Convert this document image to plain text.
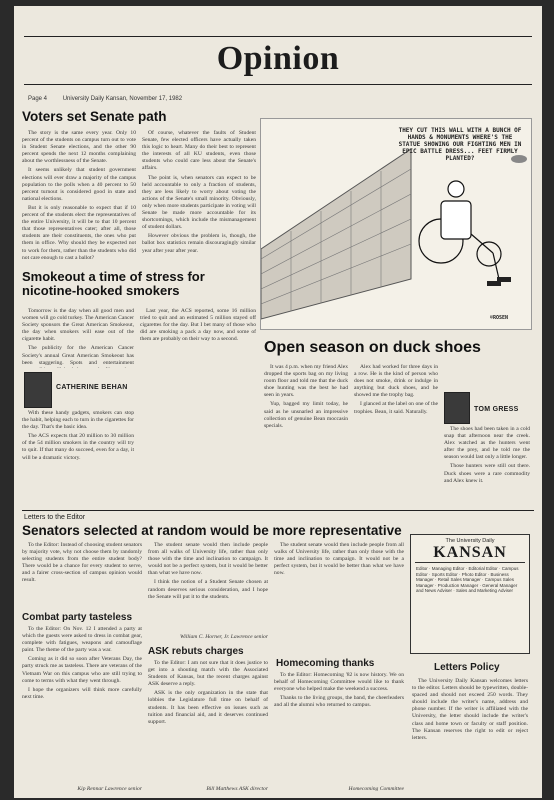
Opinion
Page 4	University Daily Kansan, November 17, 1982
Voters set Senate path

The story is the same every year. Only 10 percent of the students on campus turn out to vote in Student Senate elections, and the other 90 percent spends the next 12 months complaining about the worthlessness of the Senate.

It seems unlikely that student government elections will ever draw a majority of the campus population to the polls when a 40 percent to 50 percent turnout is considered good in state and national elections.

But it is only reasonable to expect that if 10 percent of the students elect the representatives of the entire University, it will be to that 10 percent that those representatives cater; after all, those students are their constituents, the ones who put them in office. Why should they be expected not to work for them, rather than the students who did not care enough to cast a ballot?

Of course, whatever the faults of Student Senate, few elected officers have actually taken this logic to heart. Many do their best to represent the interests of all KU students, even those students who could care less about the Senate's affairs.

The point is, when senators can expect to be held accountable to only a fraction of students, they are less likely to worry about voting the actions of the Senate's small minority. Obviously, only when more students participate in voting will Senate be made more accountable for its shortcomings, which include the mismanagement of student dollars.

However obvious the problem is, though, the ballot box statistics remain discouragingly similar year after year after year.

THEY CUT THIS WALL WITH A BUNCH OF HANDS & MONUMENTS WHERE'S THE STATUE SHOWING OUR FIGHTING MEN IN EPIC BATTLE DRESS... FEET FIRMLY PLANTED?
©ROSEN
Smokeout a time of stress for nicotine-hooked smokers

Tomorrow is the day when all good men and women will go cold turkey. The American Cancer Society sponsors the Great American Smokeout, the day when smokers will ease out of the cigarette habit.

The publicity for the American Cancer Society's annual Great American Smokeout has been staggering. Spots and entertainment

CATHERINE BEHAN

With these handy gadgets, smokers can stop the habit, helping each to turn in the cigarettes for the day. That's the basic idea.

The ACS expects that 20 million to 30 million of the 54 million smokers in the country will try to quit. If that many do succeed, even for a day, it will be a dramatic victory.

Last year, the ACS reported, some 16 million tried to quit and an estimated 5 million stayed off cigarettes for the day. But I bet many of those who did are smoking a pack a day now, and some of them are probably on their way to a second.	Open season on duck shoes

It was 4 p.m. when my friend Alex dropped the sports bag on my living room floor and told me that the duck shoe hunting was the best he had seen in years.

Yup, bagged my limit today, he said as he unsnarled an impressive collection of genuine Bean moccasin specials.

Alex had worked for three days in a row. He is the kind of person who does not smoke, drink or indulge in anything but duck shoes, and he showed me the trophy bag.

I glanced at the label on one of the trophies. Bean, it said. Naturally.	TOM GRESS

The shoes had been taken in a cold snap that afternoon near the creek. Alex watched as the hunters went after the prey, and he told me the season would last only a little longer.

Those hunters were still out there. Duck shoes were a rare commodity and Alex knew it.

Letters to the Editor
Senators selected at random would be more representative

To the Editor: Instead of choosing student senators by majority vote, why not choose them by randomly selecting students from the entire student body? There would be a chance for every student to serve, and a fairer cross-section of campus opinion would result.

The student senate would then include people from all walks of University life, rather than only those with the time and inclination to campaign. It would not be a perfect system, but it would be better than what we have now.

I think the notion of a Student Senate chosen at random deserves serious consideration, and I hope the Senate will put it to the students.

William C. Horner, Jr. Lawrence senior
Combat party tasteless

To the Editor: On Nov. 12 I attended a party at which the guests were asked to dress in combat gear, complete with fatigues, weapons and camouflage paint. The theme of the party was a war.

Coming as it did so soon after Veterans Day, the party struck me as tasteless. There are veterans of the Vietnam War on this campus who are still trying to come to terms with what they went through.

I hope the organizers will think more carefully next time.

Kip Rennar Lawrence senior
ASK rebuts charges

To the Editor: I am not sure that it does justice to get into a shouting match with the Associated Students of Kansas, but the recent charges against ASK deserve a reply.

ASK is the only organization in the state that lobbies the Legislature full time on behalf of students. It has been effective on issues such as tuition and financial aid, and it deserves continued support.

Bill Matthews ASK director

The student senate would then include people from all walks of University life, rather than only those with the time and inclination to campaign. It would not be a perfect system, but it would be better than what we have now.

Homecoming thanks

To the Editor: Homecoming '82 is now history. We on behalf of Homecoming Committee would like to thank everyone who helped make the weekend a success.

Thanks to the living groups, the band, the cheerleaders and all the alumni who returned to campus.

Homecoming Committee
The University Daily
KANSAN
Editor · Managing Editor · Editorial Editor · Campus Editor · Sports Editor · Photo Editor · Business Manager · Retail Sales Manager · Campus Sales Manager · Production Manager · General Manager and News Adviser · Sales and Marketing Adviser
Letters Policy

The University Daily Kansan welcomes letters to the editor. Letters should be typewritten, double-spaced and should not exceed 250 words. They should include the writer's name, address and phone number. If the writer is affiliated with the University, the letter should include the writer's class and home town or faculty or staff position. The Kansan reserves the right to edit or reject letters.
